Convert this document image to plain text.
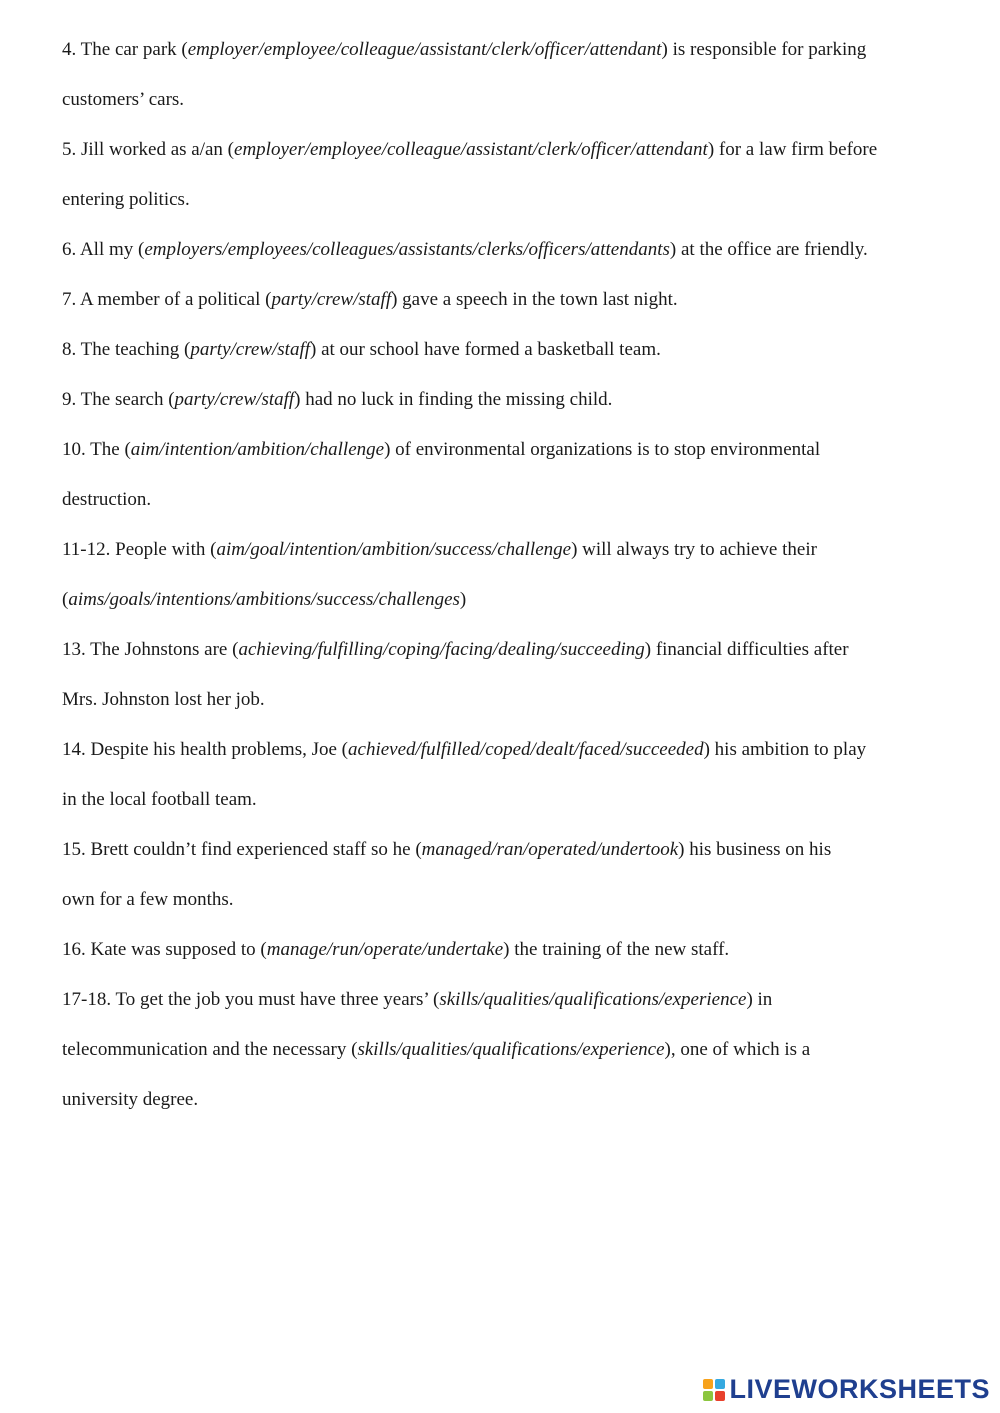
4. The car park (employer/employee/colleague/assistant/clerk/officer/attendant) is responsible for parking
customers’ cars.
5. Jill worked as a/an (employer/employee/colleague/assistant/clerk/officer/attendant) for a law firm before
entering politics.
6. All my (employers/employees/colleagues/assistants/clerks/officers/attendants) at the office are friendly.
7. A member of a political (party/crew/staff) gave a speech in the town last night.
8. The teaching (party/crew/staff) at our school have formed a basketball team.
9. The search (party/crew/staff) had no luck in finding the missing child.
10. The (aim/intention/ambition/challenge) of environmental organizations is to stop environmental
destruction.
11-12. People with (aim/goal/intention/ambition/success/challenge) will always try to achieve their
(aims/goals/intentions/ambitions/success/challenges)
13. The Johnstons are (achieving/fulfilling/coping/facing/dealing/succeeding) financial difficulties after
Mrs. Johnston lost her job.
14. Despite his health problems, Joe (achieved/fulfilled/coped/dealt/faced/succeeded) his ambition to play
in the local football team.
15. Brett couldn’t find experienced staff so he (managed/ran/operated/undertook) his business on his
own for a few months.
16. Kate was supposed to (manage/run/operate/undertake) the training of the new staff.
17-18. To get the job you must have three years’ (skills/qualities/qualifications/experience) in
telecommunication and the necessary (skills/qualities/qualifications/experience), one of which is a
university degree.
LIVEWORKSHEETS
